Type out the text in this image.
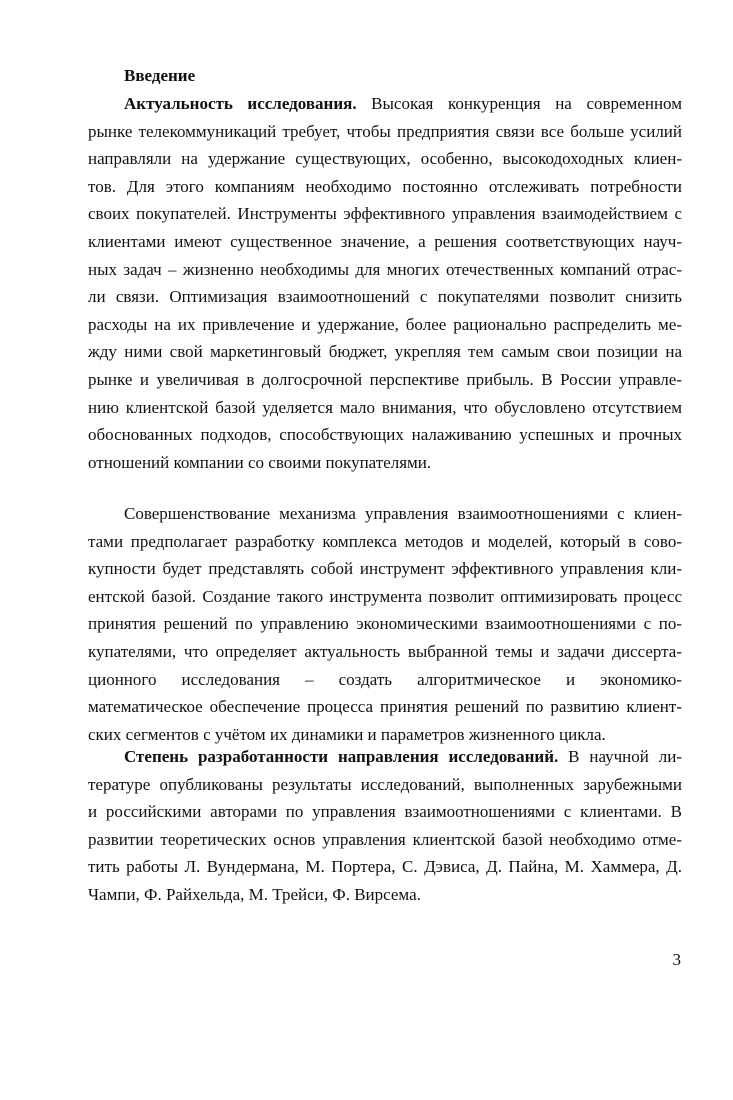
Введение
Актуальность исследования. Высокая конкуренция на современном
рынке телекоммуникаций требует, чтобы предприятия связи все больше усилий
направляли на удержание существующих, особенно, высокодоходных клиен-
тов. Для этого компаниям необходимо постоянно отслеживать потребности
своих покупателей. Инструменты эффективного управления взаимодействием с
клиентами имеют существенное значение, а решения соответствующих науч-
ных задач – жизненно необходимы для многих отечественных компаний отрас-
ли связи. Оптимизация взаимоотношений с покупателями позволит снизить
расходы на их привлечение и удержание, более рационально распределить ме-
жду ними свой маркетинговый бюджет, укрепляя тем самым свои позиции на
рынке и увеличивая в долгосрочной перспективе прибыль. В России управле-
нию клиентской базой уделяется мало внимания, что обусловлено отсутствием
обоснованных подходов, способствующих налаживанию успешных и прочных
отношений компании со своими покупателями.
Совершенствование механизма управления взаимоотношениями с клиен-
тами предполагает разработку комплекса методов и моделей, который в сово-
купности будет представлять собой инструмент эффективного управления кли-
ентской базой. Создание такого инструмента позволит оптимизировать процесс
принятия решений по управлению экономическими взаимоотношениями с по-
купателями, что определяет актуальность выбранной темы и задачи диссерта-
ционного исследования – создать алгоритмическое и экономико-
математическое обеспечение процесса принятия решений по развитию клиент-
ских сегментов с учётом их динамики и параметров жизненного цикла.
Степень разработанности направления исследований. В научной ли-
тературе опубликованы результаты исследований, выполненных зарубежными
и российскими авторами по управления взаимоотношениями с клиентами. В
развитии теоретических основ управления клиентской базой необходимо отме-
тить работы Л. Вундермана, М. Портера, С. Дэвиса, Д. Пайна, М. Хаммера, Д.
Чампи, Ф. Райхельда, М. Трейси, Ф. Вирсема.
3
